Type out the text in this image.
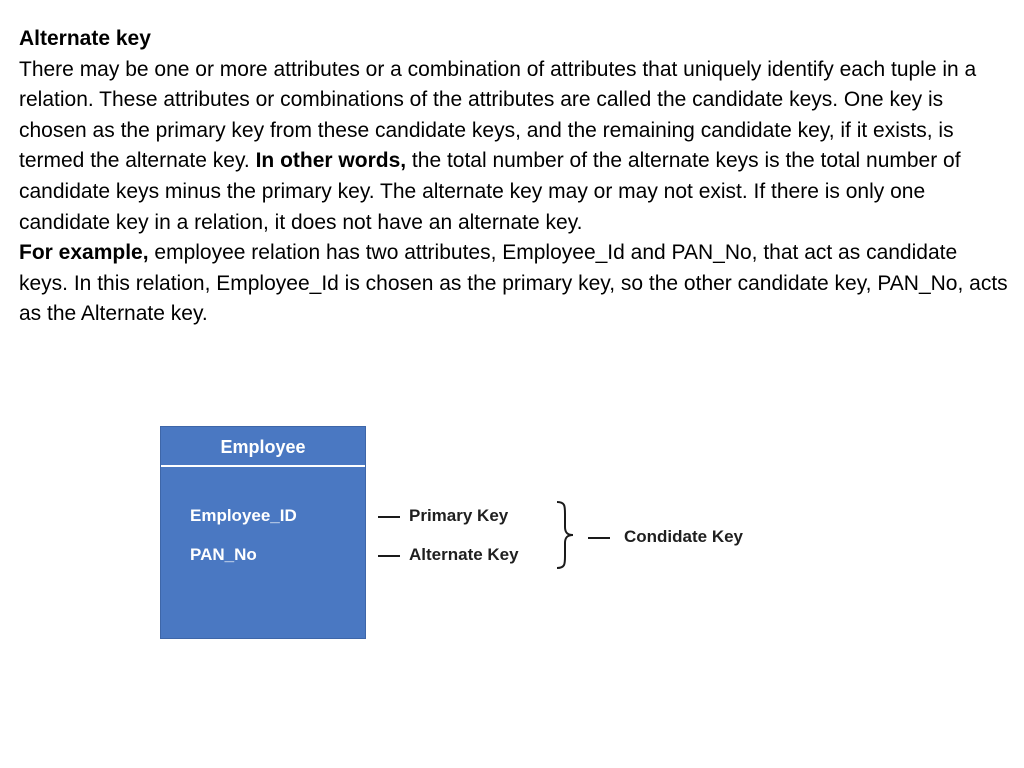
Alternate key
There may be one or more attributes or a combination of attributes that uniquely identify each tuple in a relation. These attributes or combinations of the attributes are called the candidate keys. One key is chosen as the primary key from these candidate keys, and the remaining candidate key, if it exists, is termed the alternate key. In other words, the total number of the alternate keys is the total number of candidate keys minus the primary key. The alternate key may or may not exist. If there is only one candidate key in a relation, it does not have an alternate key.
For example, employee relation has two attributes, Employee_Id and PAN_No, that act as candidate keys. In this relation, Employee_Id is chosen as the primary key, so the other candidate key, PAN_No, acts as the Alternate key.
Employee
Employee_ID
PAN_No
Primary Key
Alternate Key
Condidate Key
